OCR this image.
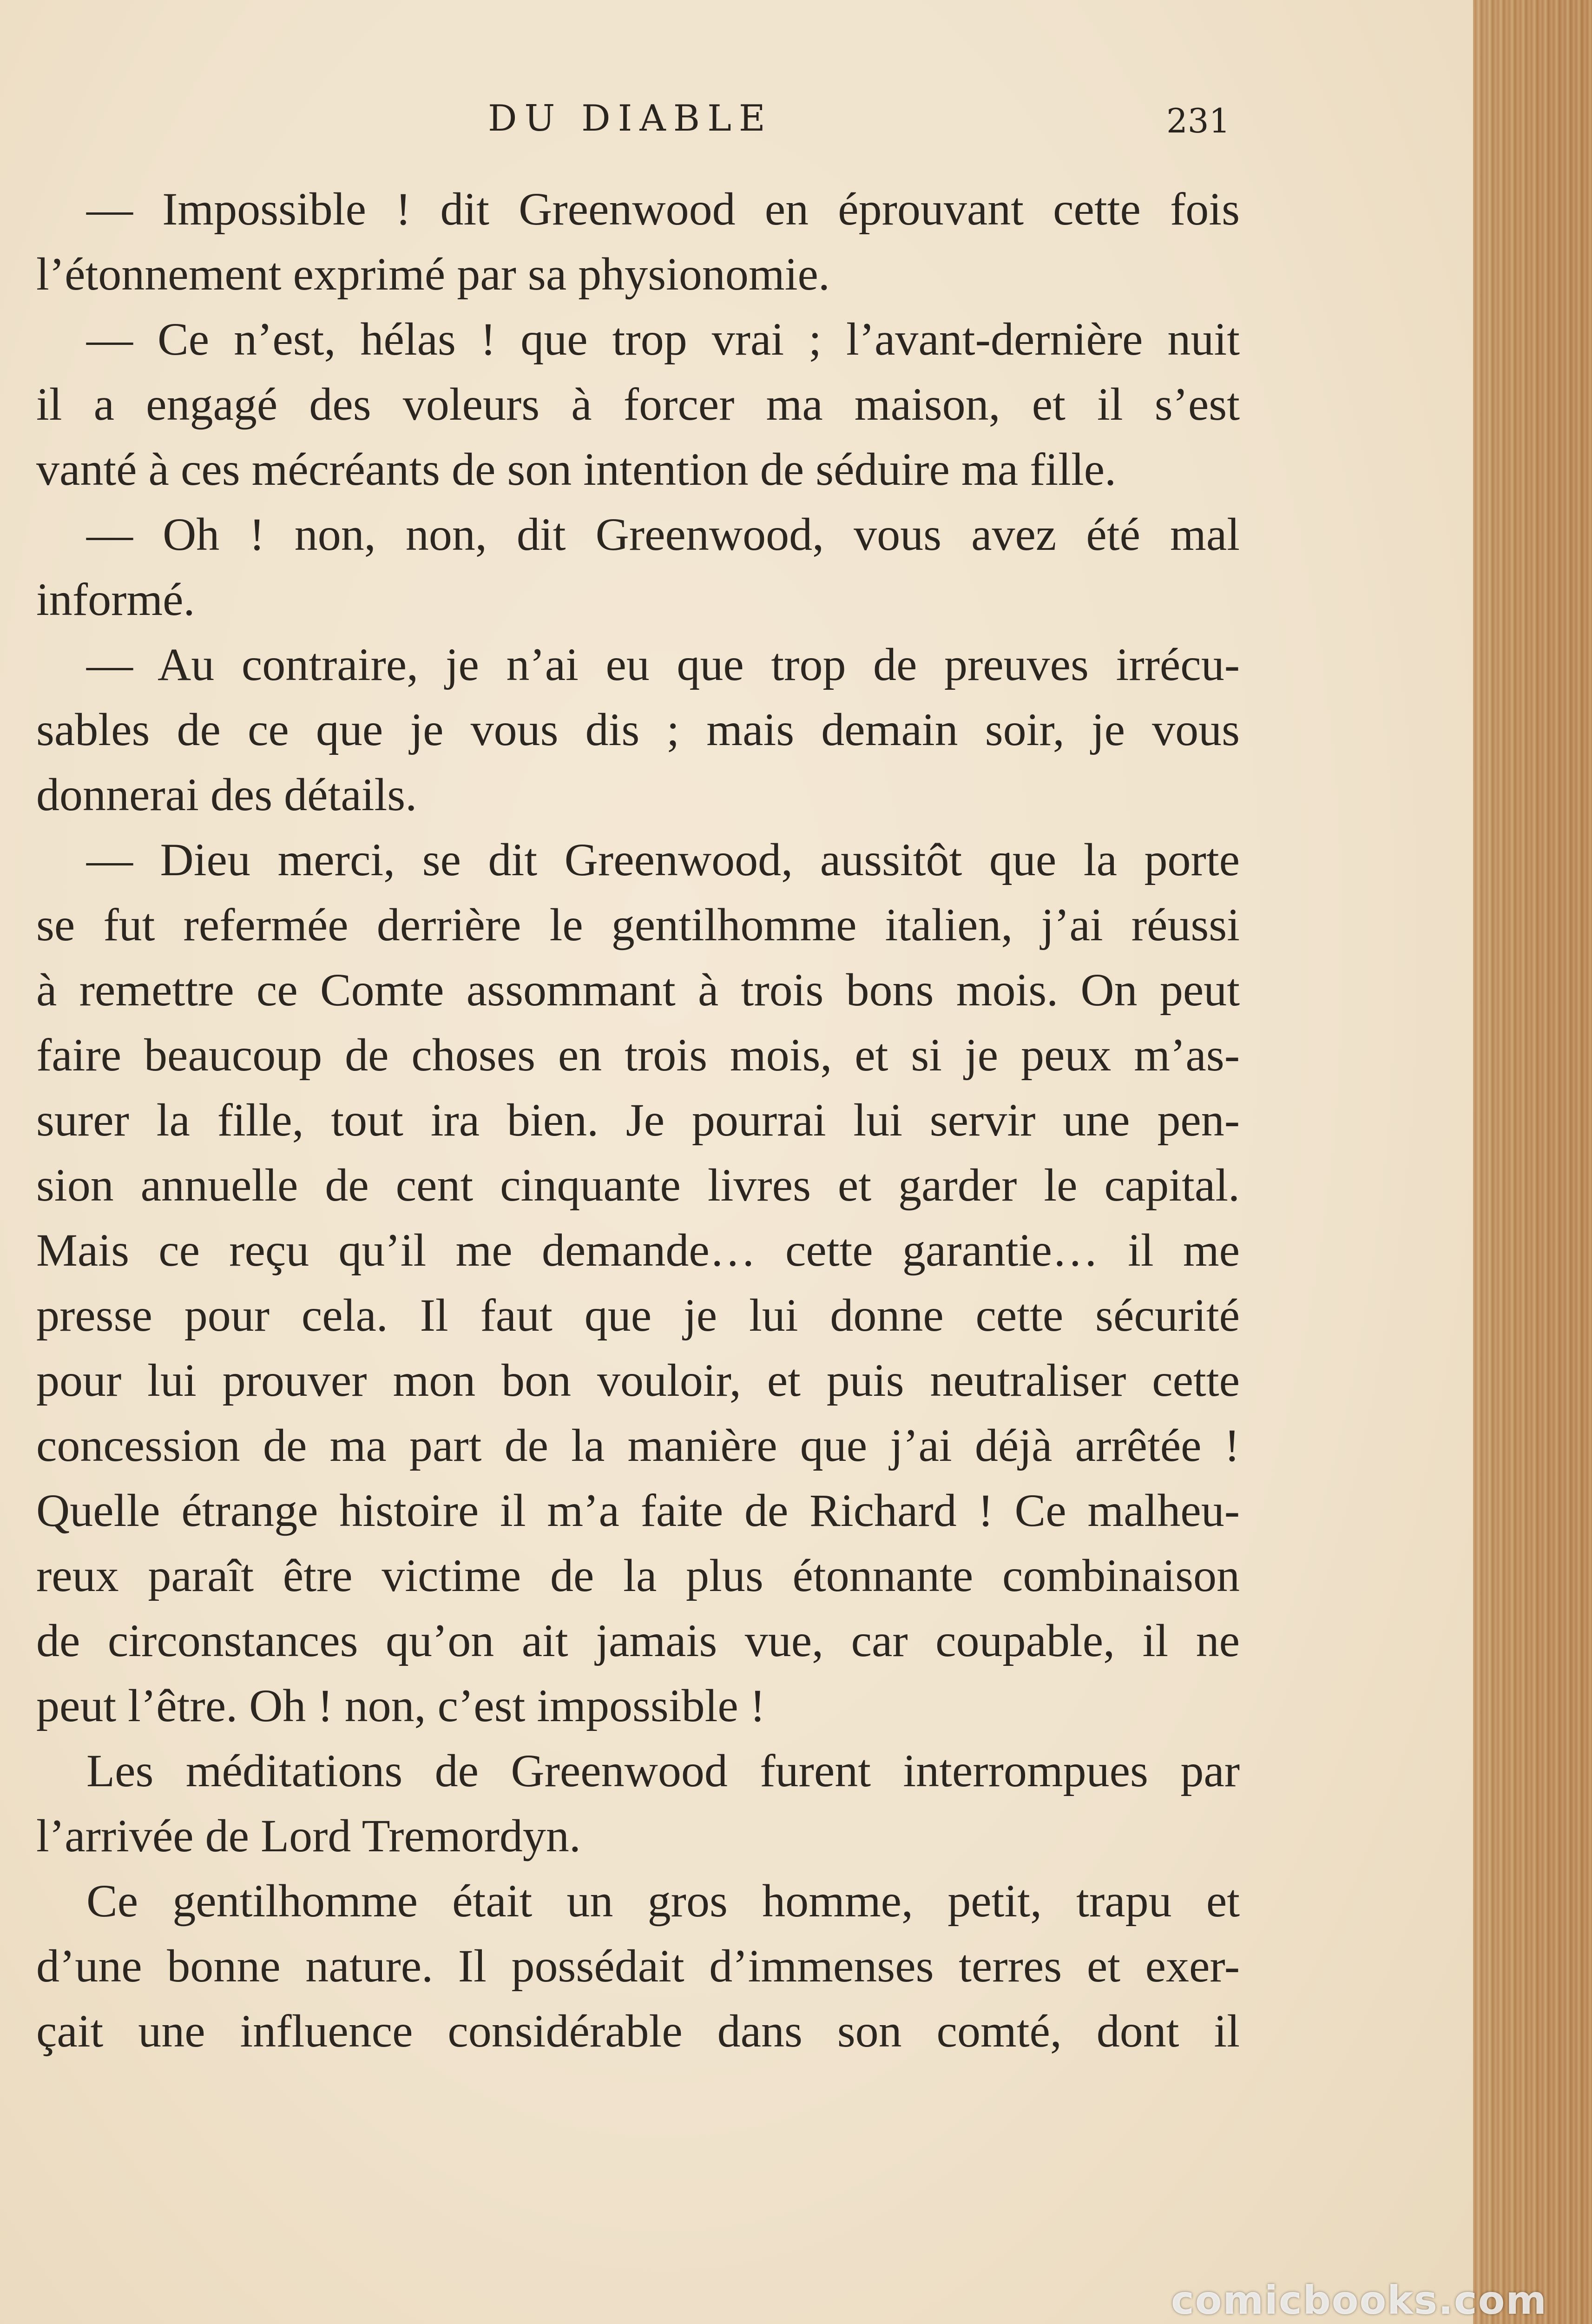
DU DIABLE	231
— Impossible ! dit Greenwood en éprouvant cette fois
l’étonnement exprimé par sa physionomie.
— Ce n’est, hélas ! que trop vrai ; l’avant-dernière nuit
il a engagé des voleurs à forcer ma maison, et il s’est
vanté à ces mécréants de son intention de séduire ma fille.
— Oh ! non, non, dit Greenwood, vous avez été mal
informé.
— Au contraire, je n’ai eu que trop de preuves irrécu-
sables de ce que je vous dis ; mais demain soir, je vous
donnerai des détails.
— Dieu merci, se dit Greenwood, aussitôt que la porte
se fut refermée derrière le gentilhomme italien, j’ai réussi
à remettre ce Comte assommant à trois bons mois. On peut
faire beaucoup de choses en trois mois, et si je peux m’as-
surer la fille, tout ira bien. Je pourrai lui servir une pen-
sion annuelle de cent cinquante livres et garder le capital.
Mais ce reçu qu’il me demande… cette garantie… il me
presse pour cela. Il faut que je lui donne cette sécurité
pour lui prouver mon bon vouloir, et puis neutraliser cette
concession de ma part de la manière que j’ai déjà arrêtée !
Quelle étrange histoire il m’a faite de Richard ! Ce malheu-
reux paraît être victime de la plus étonnante combinaison
de circonstances qu’on ait jamais vue, car coupable, il ne
peut l’être. Oh ! non, c’est impossible !
Les méditations de Greenwood furent interrompues par
l’arrivée de Lord Tremordyn.
Ce gentilhomme était un gros homme, petit, trapu et
d’une bonne nature. Il possédait d’immenses terres et exer-
çait une influence considérable dans son comté, dont il
comicbooks.com
